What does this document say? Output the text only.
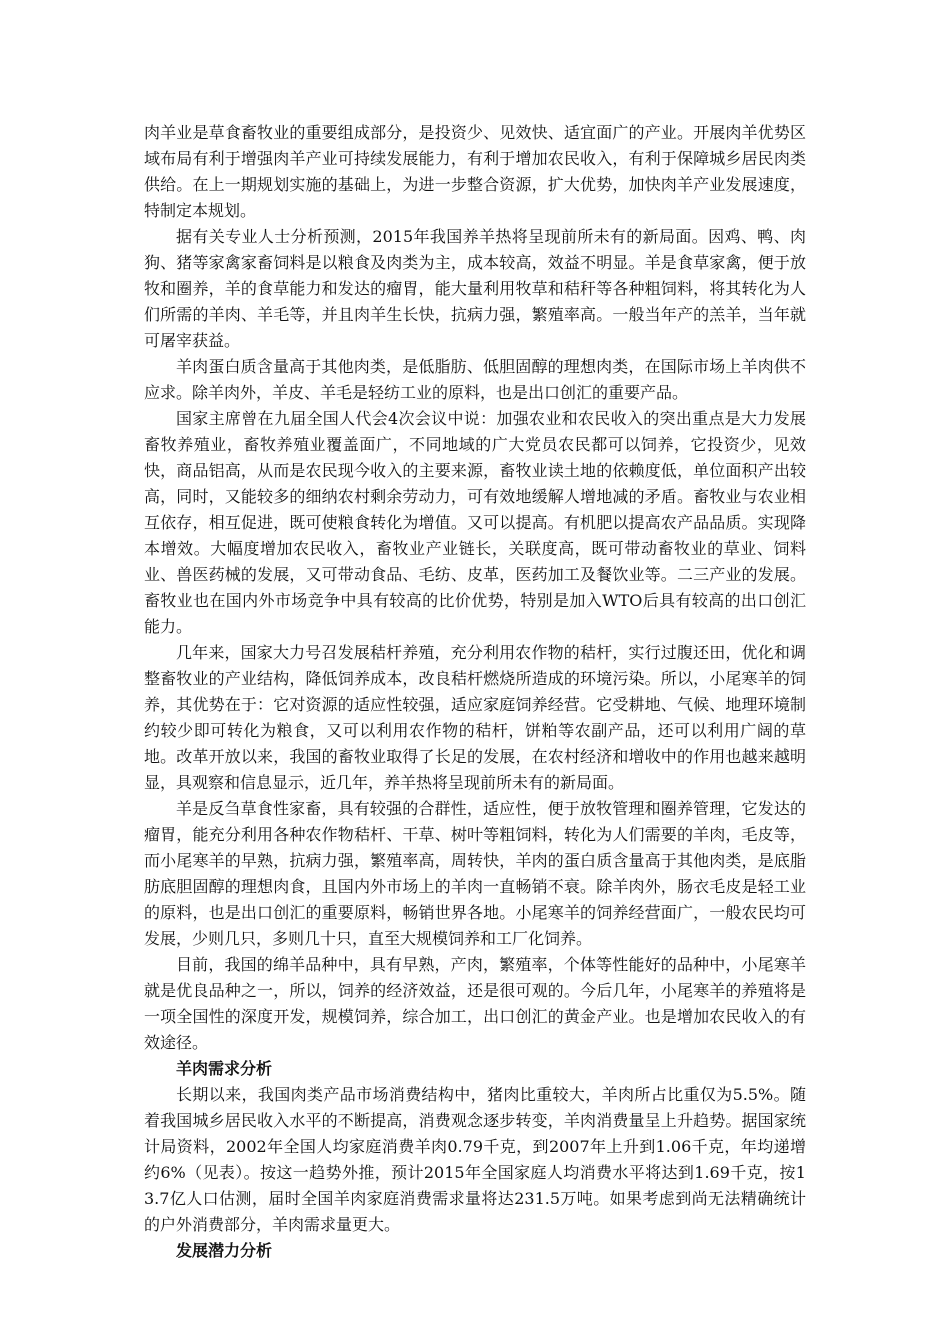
肉羊业是草食畜牧业的重要组成部分，是投资少、见效快、适宜面广的产业。开展肉羊优势区域布局有利于增强肉羊产业可持续发展能力，有利于增加农民收入，有利于保障城乡居民肉类供给。在上一期规划实施的基础上，为进一步整合资源，扩大优势，加快肉羊产业发展速度，特制定本规划。

据有关专业人士分析预测，2015年我国养羊热将呈现前所未有的新局面。因鸡、鸭、肉狗、猪等家禽家畜饲料是以粮食及肉类为主，成本较高，效益不明显。羊是食草家禽，便于放牧和圈养，羊的食草能力和发达的瘤胃，能大量利用牧草和秸秆等各种粗饲料，将其转化为人们所需的羊肉、羊毛等，并且肉羊生长快，抗病力强，繁殖率高。一般当年产的羔羊，当年就可屠宰获益。

羊肉蛋白质含量高于其他肉类，是低脂肪、低胆固醇的理想肉类，在国际市场上羊肉供不应求。除羊肉外，羊皮、羊毛是轻纺工业的原料，也是出口创汇的重要产品。

国家主席曾在九届全国人代会4次会议中说：加强农业和农民收入的突出重点是大力发展畜牧养殖业，畜牧养殖业覆盖面广，不同地域的广大党员农民都可以饲养，它投资少，见效快，商品铝高，从而是农民现今收入的主要来源，畜牧业读土地的依赖度低，单位面积产出较高，同时，又能较多的细纳农村剩余劳动力，可有效地缓解人增地减的矛盾。畜牧业与农业相互依存，相互促进，既可使粮食转化为增值。又可以提高。有机肥以提高农产品品质。实现降本增效。大幅度增加农民收入，畜牧业产业链长，关联度高，既可带动畜牧业的草业、饲料业、兽医药械的发展，又可带动食品、毛纺、皮革，医药加工及餐饮业等。二三产业的发展。畜牧业也在国内外市场竞争中具有较高的比价优势，特别是加入WTO后具有较高的出口创汇能力。

几年来，国家大力号召发展秸杆养殖，充分利用农作物的秸杆，实行过腹还田，优化和调整畜牧业的产业结构，降低饲养成本，改良秸杆燃烧所造成的环境污染。所以，小尾寒羊的饲养，其优势在于：它对资源的适应性较强，适应家庭饲养经营。它受耕地、气候、地理环境制约较少即可转化为粮食，又可以利用农作物的秸杆，饼粕等农副产品，还可以利用广阔的草地。改革开放以来，我国的畜牧业取得了长足的发展，在农村经济和增收中的作用也越来越明显，具观察和信息显示，近几年，养羊热将呈现前所未有的新局面。

羊是反刍草食性家畜，具有较强的合群性，适应性，便于放牧管理和圈养管理，它发达的瘤胃，能充分利用各种农作物秸杆、干草、树叶等粗饲料，转化为人们需要的羊肉，毛皮等，而小尾寒羊的早熟，抗病力强，繁殖率高，周转快，羊肉的蛋白质含量高于其他肉类，是底脂肪底胆固醇的理想肉食，且国内外市场上的羊肉一直畅销不衰。除羊肉外，肠衣毛皮是轻工业的原料，也是出口创汇的重要原料，畅销世界各地。小尾寒羊的饲养经营面广，一般农民均可发展，少则几只，多则几十只，直至大规模饲养和工厂化饲养。

目前，我国的绵羊品种中，具有早熟，产肉，繁殖率，个体等性能好的品种中，小尾寒羊就是优良品种之一，所以，饲养的经济效益，还是很可观的。今后几年，小尾寒羊的养殖将是一项全国性的深度开发，规模饲养，综合加工，出口创汇的黄金产业。也是增加农民收入的有效途径。

羊肉需求分析

长期以来，我国肉类产品市场消费结构中，猪肉比重较大，羊肉所占比重仅为5.5%。随着我国城乡居民收入水平的不断提高，消费观念逐步转变，羊肉消费量呈上升趋势。据国家统计局资料，2002年全国人均家庭消费羊肉0.79千克，到2007年上升到1.06千克，年均递增约6%（见表）。按这一趋势外推，预计2015年全国家庭人均消费水平将达到1.69千克，按13.7亿人口估测，届时全国羊肉家庭消费需求量将达231.5万吨。如果考虑到尚无法精确统计的户外消费部分，羊肉需求量更大。

发展潜力分析
